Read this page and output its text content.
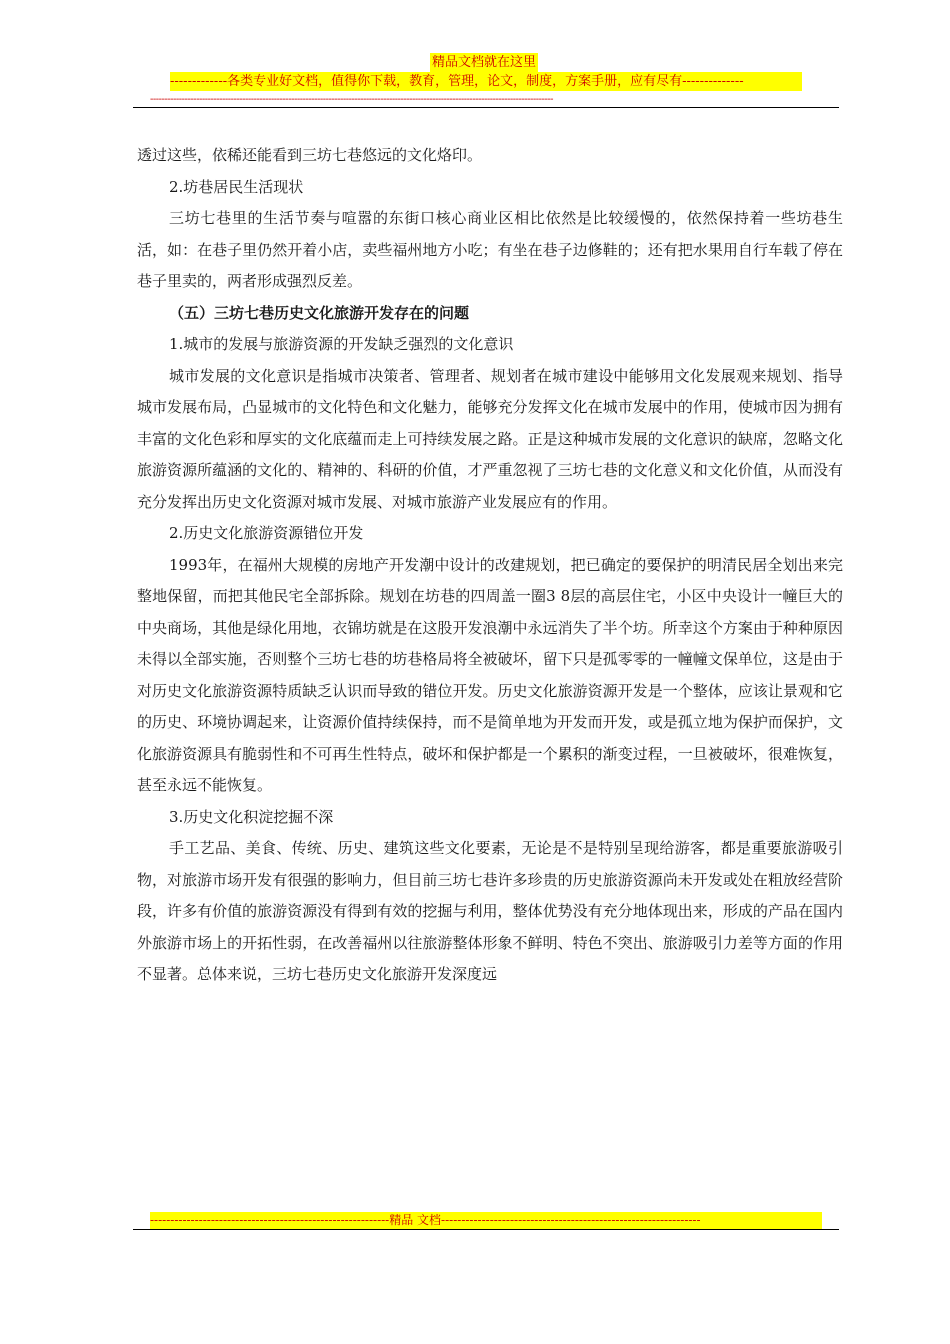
精品文档就在这里
-------------各类专业好文档，值得你下载，教育，管理，论文，制度，方案手册，应有尽有--------------
--------------------------------------------------------------------------------------------------------------------------------------------

透过这些，依稀还能看到三坊七巷悠远的文化烙印。

2.坊巷居民生活现状

三坊七巷里的生活节奏与喧嚣的东街口核心商业区相比依然是比较缓慢的，依然保持着一些坊巷生活，如：在巷子里仍然开着小店，卖些福州地方小吃；有坐在巷子边修鞋的；还有把水果用自行车载了停在巷子里卖的，两者形成强烈反差。

（五）三坊七巷历史文化旅游开发存在的问题

1.城市的发展与旅游资源的开发缺乏强烈的文化意识

城市发展的文化意识是指城市决策者、管理者、规划者在城市建设中能够用文化发展观来规划、指导城市发展布局，凸显城市的文化特色和文化魅力，能够充分发挥文化在城市发展中的作用，使城市因为拥有丰富的文化色彩和厚实的文化底蕴而走上可持续发展之路。正是这种城市发展的文化意识的缺席，忽略文化旅游资源所蕴涵的文化的、精神的、科研的价值，才严重忽视了三坊七巷的文化意义和文化价值，从而没有充分发挥出历史文化资源对城市发展、对城市旅游产业发展应有的作用。

2.历史文化旅游资源错位开发

1993年，在福州大规模的房地产开发潮中设计的改建规划，把已确定的要保护的明清民居全划出来完整地保留，而把其他民宅全部拆除。规划在坊巷的四周盖一圈3 8层的高层住宅，小区中央设计一幢巨大的中央商场，其他是绿化用地，衣锦坊就是在这股开发浪潮中永远消失了半个坊。所幸这个方案由于种种原因未得以全部实施，否则整个三坊七巷的坊巷格局将全被破坏，留下只是孤零零的一幢幢文保单位，这是由于对历史文化旅游资源特质缺乏认识而导致的错位开发。历史文化旅游资源开发是一个整体，应该让景观和它的历史、环境协调起来，让资源价值持续保持，而不是简单地为开发而开发，或是孤立地为保护而保护，文化旅游资源具有脆弱性和不可再生性特点，破坏和保护都是一个累积的渐变过程，一旦被破坏，很难恢复，甚至永远不能恢复。

3.历史文化积淀挖掘不深

手工艺品、美食、传统、历史、建筑这些文化要素，无论是不是特别呈现给游客，都是重要旅游吸引物，对旅游市场开发有很强的影响力，但目前三坊七巷许多珍贵的历史旅游资源尚未开发或处在粗放经营阶段，许多有价值的旅游资源没有得到有效的挖掘与利用，整体优势没有充分地体现出来，形成的产品在国内外旅游市场上的开拓性弱，在改善福州以往旅游整体形象不鲜明、特色不突出、旅游吸引力差等方面的作用不显著。总体来说，三坊七巷历史文化旅游开发深度远

-----------------------------------------------------------精品 文档----------------------------------------------------------------
